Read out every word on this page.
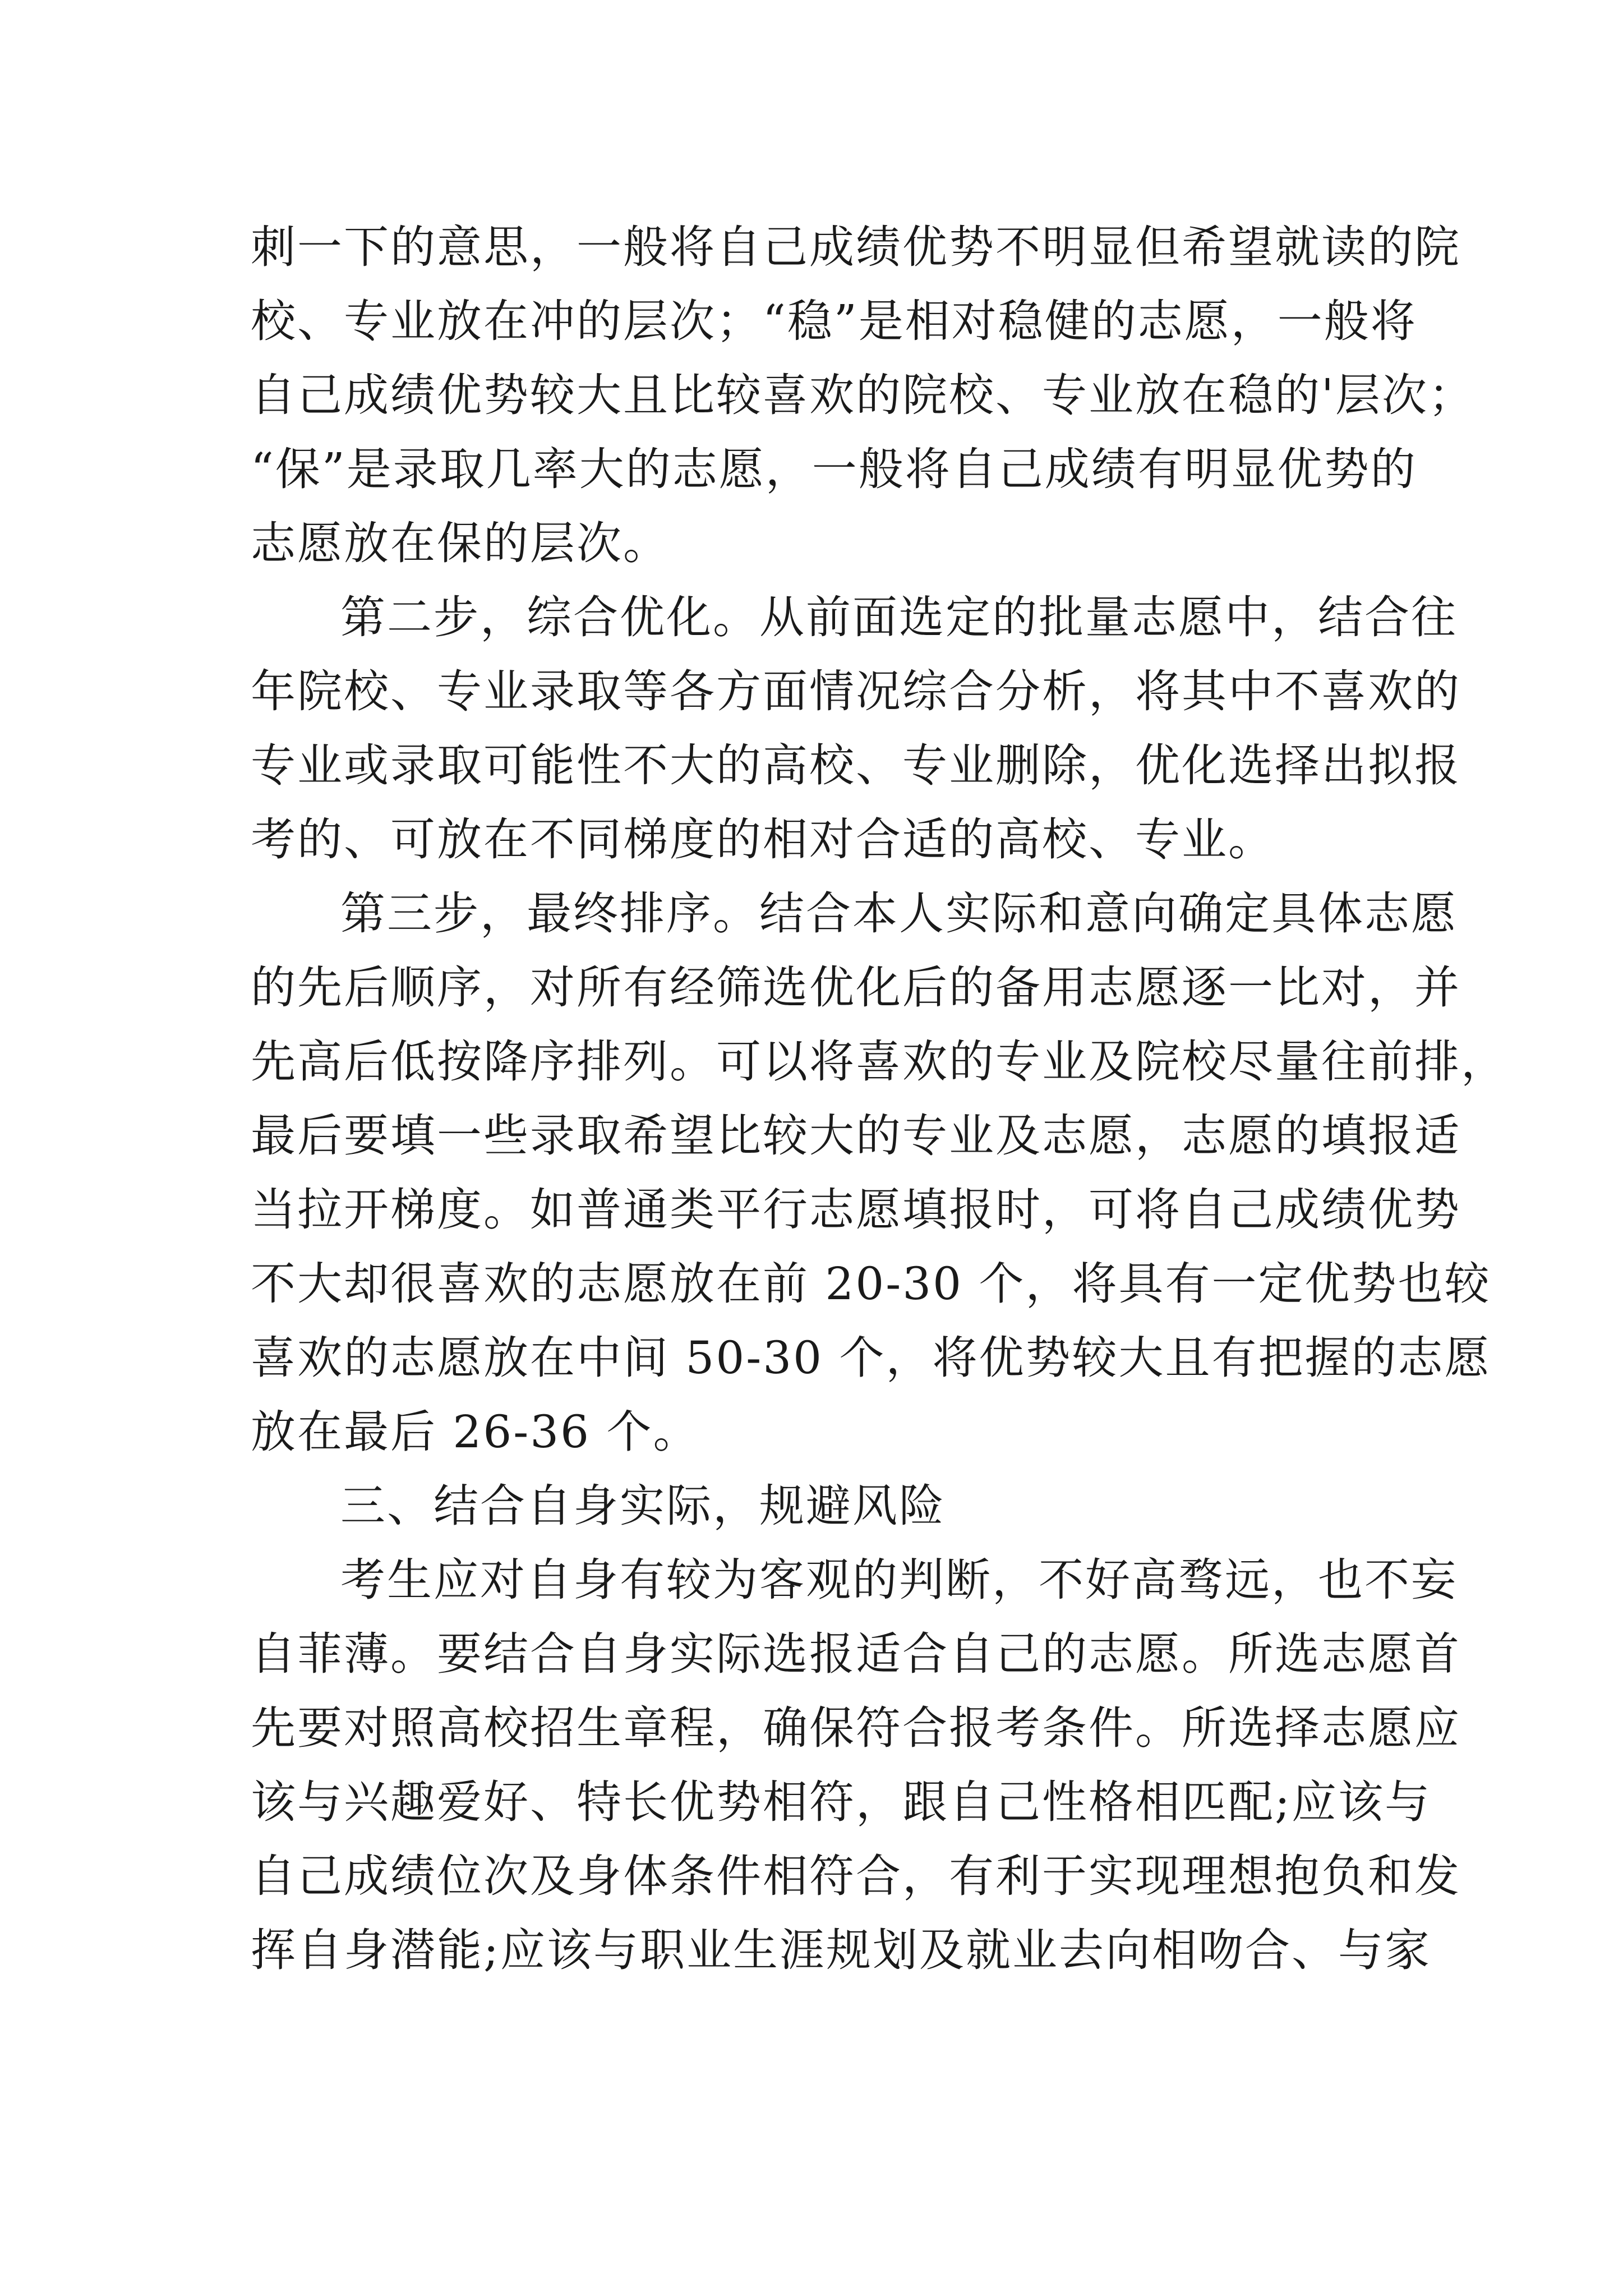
刺一下的意思，一般将自己成绩优势不明显但希望就读的院
校、专业放在冲的层次；“稳”是相对稳健的志愿，一般将
自己成绩优势较大且比较喜欢的院校、专业放在稳的'层次；
“保”是录取几率大的志愿，一般将自己成绩有明显优势的
志愿放在保的层次。
第二步，综合优化。从前面选定的批量志愿中，结合往
年院校、专业录取等各方面情况综合分析，将其中不喜欢的
专业或录取可能性不大的高校、专业删除，优化选择出拟报
考的、可放在不同梯度的相对合适的高校、专业。
第三步，最终排序。结合本人实际和意向确定具体志愿
的先后顺序，对所有经筛选优化后的备用志愿逐一比对，并
先高后低按降序排列。可以将喜欢的专业及院校尽量往前排，
最后要填一些录取希望比较大的专业及志愿，志愿的填报适
当拉开梯度。如普通类平行志愿填报时，可将自己成绩优势
不大却很喜欢的志愿放在前 20-30 个，将具有一定优势也较
喜欢的志愿放在中间 50-30 个，将优势较大且有把握的志愿
放在最后 26-36 个。
三、结合自身实际，规避风险
考生应对自身有较为客观的判断，不好高骛远，也不妄
自菲薄。要结合自身实际选报适合自己的志愿。所选志愿首
先要对照高校招生章程，确保符合报考条件。所选择志愿应
该与兴趣爱好、特长优势相符，跟自己性格相匹配;应该与
自己成绩位次及身体条件相符合，有利于实现理想抱负和发
挥自身潜能;应该与职业生涯规划及就业去向相吻合、与家
